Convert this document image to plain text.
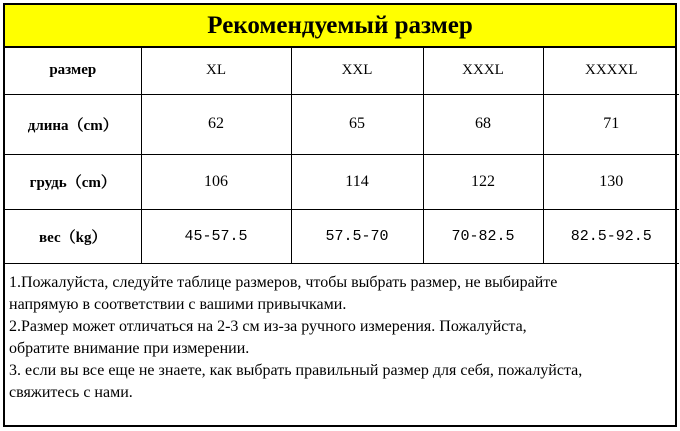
Рекомендуемый размер
размер	XL	XXL	XXXL	XXXXL
длина（cm）	62	65	68	71
грудь（cm）	106	114	122	130
вес（kg）	45-57.5	57.5-70	70-82.5	82.5-92.5

1.Пожалуйста, следуйте таблице размеров, чтобы выбрать размер, не выбирайте
напрямую в соответствии с вашими привычками.

2.Размер может отличаться на 2-3 см из-за ручного измерения. Пожалуйста,
обратите внимание при измерении.

3. если вы все еще не знаете, как выбрать правильный размер для себя, пожалуйста,
свяжитесь с нами.
